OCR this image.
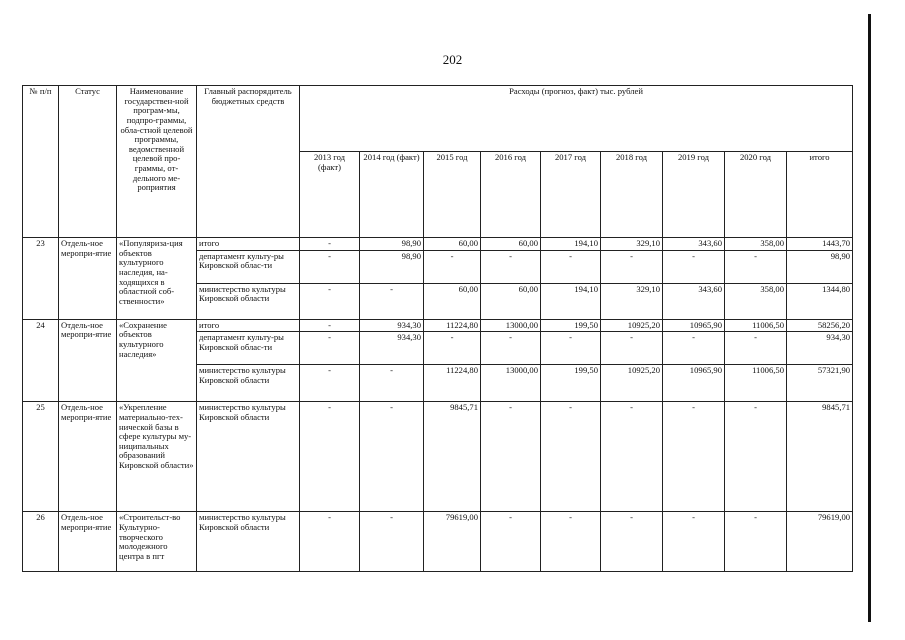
202
№ п/п	Статус	Наименование государствен-ной програм-мы, подпро-граммы, обла-стной целевой программы, ведомственной целевой про-граммы, от-дельного ме-роприятия	Главный распорядитель бюджетных средств	Расходы (прогноз, факт) тыс. рублей								
				2013 год (факт)	2014 год (факт)	2015 год	2016 год	2017 год	2018 год	2019 год	2020 год	итого
23	Отдель-ное меропри-ятие	«Популяриза-ция объектов культурного наследия, на-ходящихся в областной соб-ственности»	итого	-	98,90	60,00	60,00	194,10	329,10	343,60	358,00	1443,70
			департамент культу-ры Кировской облас-ти	-	98,90	-	-	-	-	-	-	98,90
			министерство культуры Кировской области	-	-	60,00	60,00	194,10	329,10	343,60	358,00	1344,80
24	Отдель-ное меропри-ятие	«Сохранение объектов культурного наследия»	итого	-	934,30	11224,80	13000,00	199,50	10925,20	10965,90	11006,50	58256,20
			департамент культу-ры Кировской облас-ти	-	934,30	-	-	-	-	-	-	934,30
			министерство культуры Кировской области	-	-	11224,80	13000,00	199,50	10925,20	10965,90	11006,50	57321,90
25	Отдель-ное меропри-ятие	«Укрепление материально-тех-нической базы в сфере культуры му-ниципальных образований Кировской области»	министерство культуры Кировской области	-	-	9845,71	-	-	-	-	-	9845,71
26	Отдель-ное меропри-ятие	«Строительст-во Культурно-творческого молодежного центра в пгт	министерство культуры Кировской области	-	-	79619,00	-	-	-	-	-	79619,00
